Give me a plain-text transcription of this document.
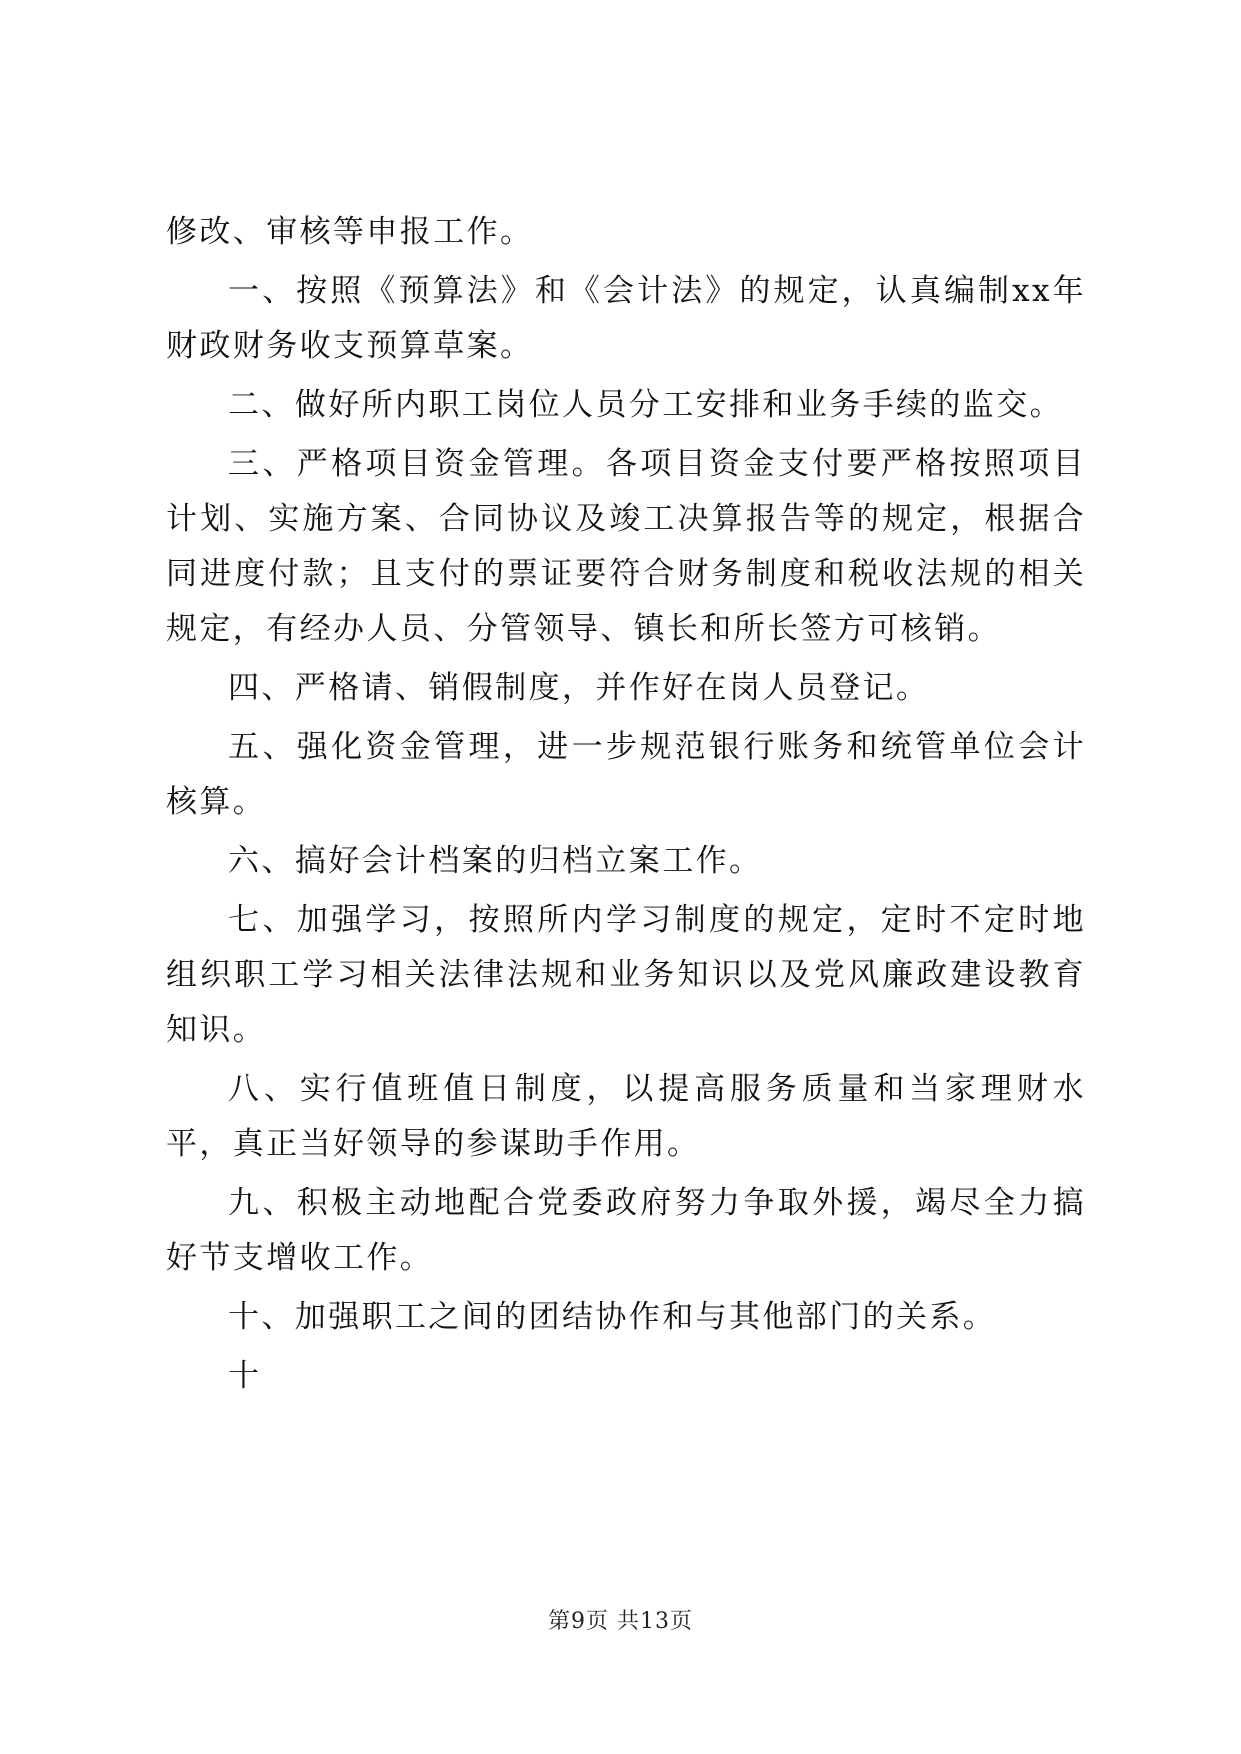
修改、审核等申报工作。

一、按照《预算法》和《会计法》的规定，认真编制xx年财政财务收支预算草案。

二、做好所内职工岗位人员分工安排和业务手续的监交。

三、严格项目资金管理。各项目资金支付要严格按照项目计划、实施方案、合同协议及竣工决算报告等的规定，根据合同进度付款；且支付的票证要符合财务制度和税收法规的相关规定，有经办人员、分管领导、镇长和所长签方可核销。

四、严格请、销假制度，并作好在岗人员登记。

五、强化资金管理，进一步规范银行账务和统管单位会计核算。

六、搞好会计档案的归档立案工作。

七、加强学习，按照所内学习制度的规定，定时不定时地组织职工学习相关法律法规和业务知识以及党风廉政建设教育知识。

八、实行值班值日制度，以提高服务质量和当家理财水平，真正当好领导的参谋助手作用。

九、积极主动地配合党委政府努力争取外援，竭尽全力搞好节支增收工作。

十、加强职工之间的团结协作和与其他部门的关系。

十

第9页 共13页
